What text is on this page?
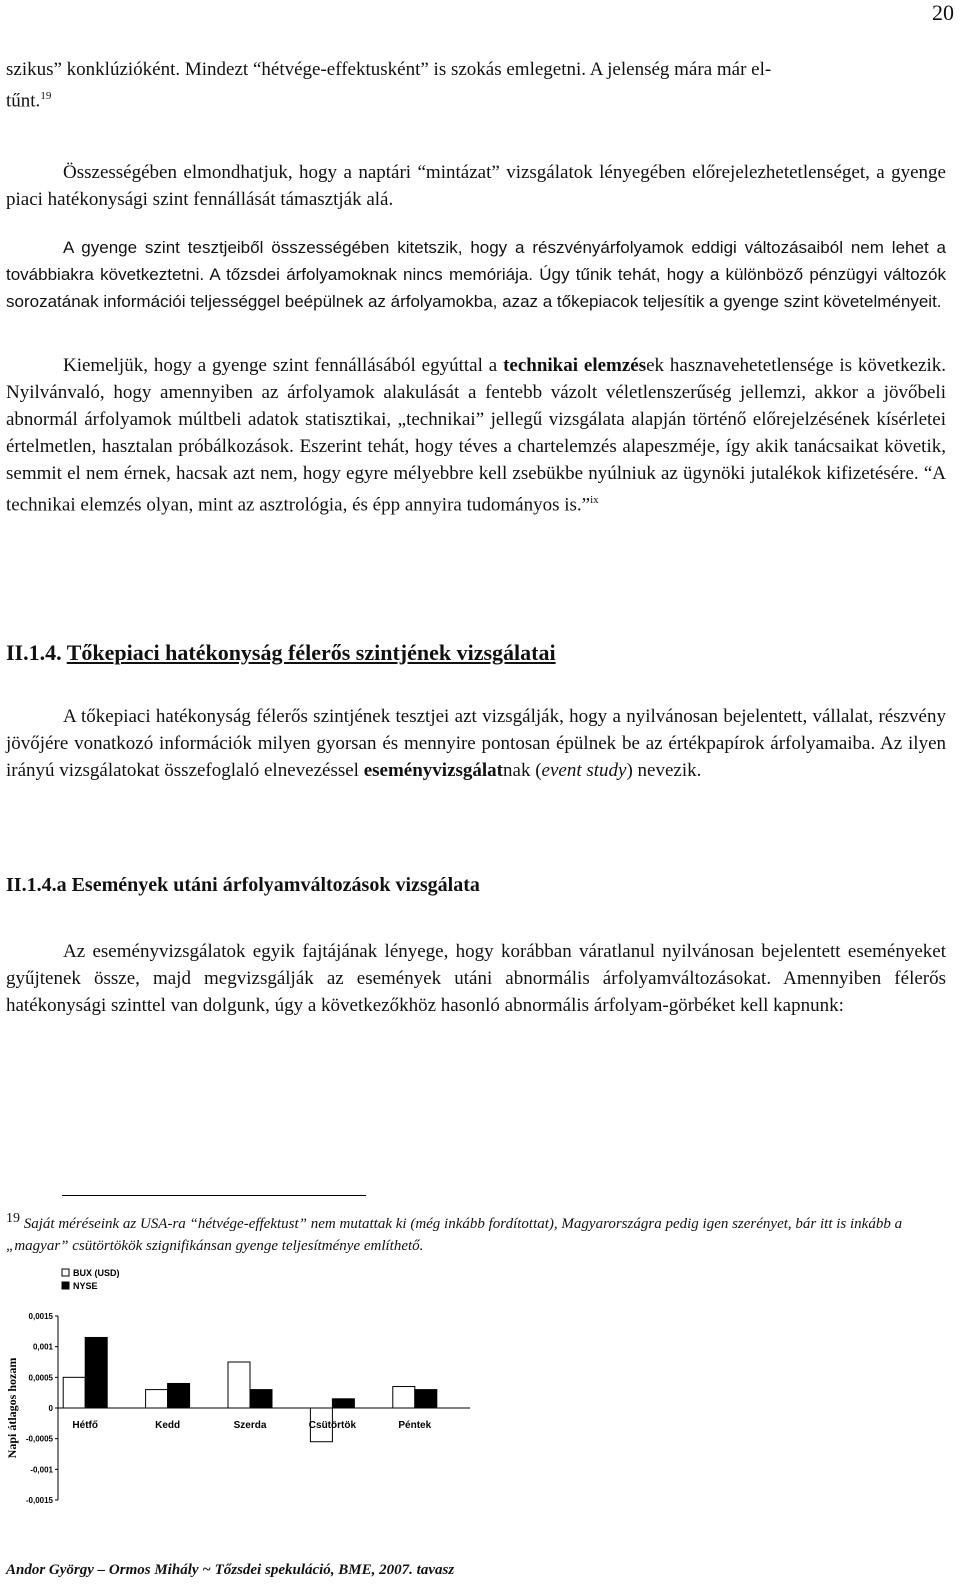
20

szikus” konklúzióként. Mindezt “hétvége-effektusként” is szokás emlegetni. A jelenség mára már el-
tűnt.$^{19}$

Összességében elmondhatjuk, hogy a naptári “mintázat” vizsgálatok lényegében előrejelezhetetlenséget, a gyenge piaci hatékonysági szint fennállását támasztják alá.

A gyenge szint tesztjeiből összességében kitetszik, hogy a részvényárfolyamok eddigi változásaiból nem lehet a továbbiakra következtetni. A tőzsdei árfolyamoknak nincs memóriája. Úgy tűnik tehát, hogy a különböző pénzügyi változók sorozatának információi teljességgel beépülnek az árfolyamokba, azaz a tőkepiacok teljesítik a gyenge szint követelményeit.

Kiemeljük, hogy a gyenge szint fennállásából egyúttal a technikai elemzések hasznavehetetlensége is következik. Nyilvánvaló, hogy amennyiben az árfolyamok alakulását a fentebb vázolt véletlenszerűség jellemzi, akkor a jövőbeli abnormál árfolyamok múltbeli adatok statisztikai, „technikai” jellegű vizsgálata alapján történő előrejelzésének kísérletei értelmetlen, hasztalan próbálkozások. Eszerint tehát, hogy téves a chartelemzés alapeszméje, így akik tanácsaikat követik, semmit el nem érnek, hacsak azt nem, hogy egyre mélyebbre kell zsebükbe nyúlniuk az ügynöki jutalékok kifizetésére. “A technikai elemzés olyan, mint az asztrológia, és épp annyira tudományos is.”$^{ix}$

II.1.4. Tőkepiaci hatékonyság félerős szintjének vizsgálatai

A tőkepiaci hatékonyság félerős szintjének tesztjei azt vizsgálják, hogy a nyilvánosan bejelentett, vállalat, részvény jövőjére vonatkozó információk milyen gyorsan és mennyire pontosan épülnek be az értékpapírok árfolyamaiba. Az ilyen irányú vizsgálatokat összefoglaló elnevezéssel eseményvizsgálatnak (event study) nevezik.

II.1.4.a Események utáni árfolyamváltozások vizsgálata

Az eseményvizsgálatok egyik fajtájának lényege, hogy korábban váratlanul nyilvánosan bejelentett eseményeket gyűjtenek össze, majd megvizsgálják az események utáni abnormális árfolyamváltozásokat. Amennyiben félerős hatékonysági szinttel van dolgunk, úgy a következőkhöz hasonló abnormális árfolyam-görbéket kell kapnunk:

$^{19}$ Saját méréseink az USA-ra “hétvége-effektust” nem mutattak ki (még inkább fordítottat), Magyarországra pedig igen szerényet, bár itt is inkább a „magyar” csütörtökök szignifikánsan gyenge teljesítménye említhető.

Napi átlagos hozam
0,0015
0,001
0,0005
0
-0,0005
-0,001
-0,0015
Hétfő	Kedd	Szerda	Csütörtök	Péntek
BUX (USD)
NYSE
Andor György – Ormos Mihály ~ Tőzsdei spekuláció, BME, 2007. tavasz
